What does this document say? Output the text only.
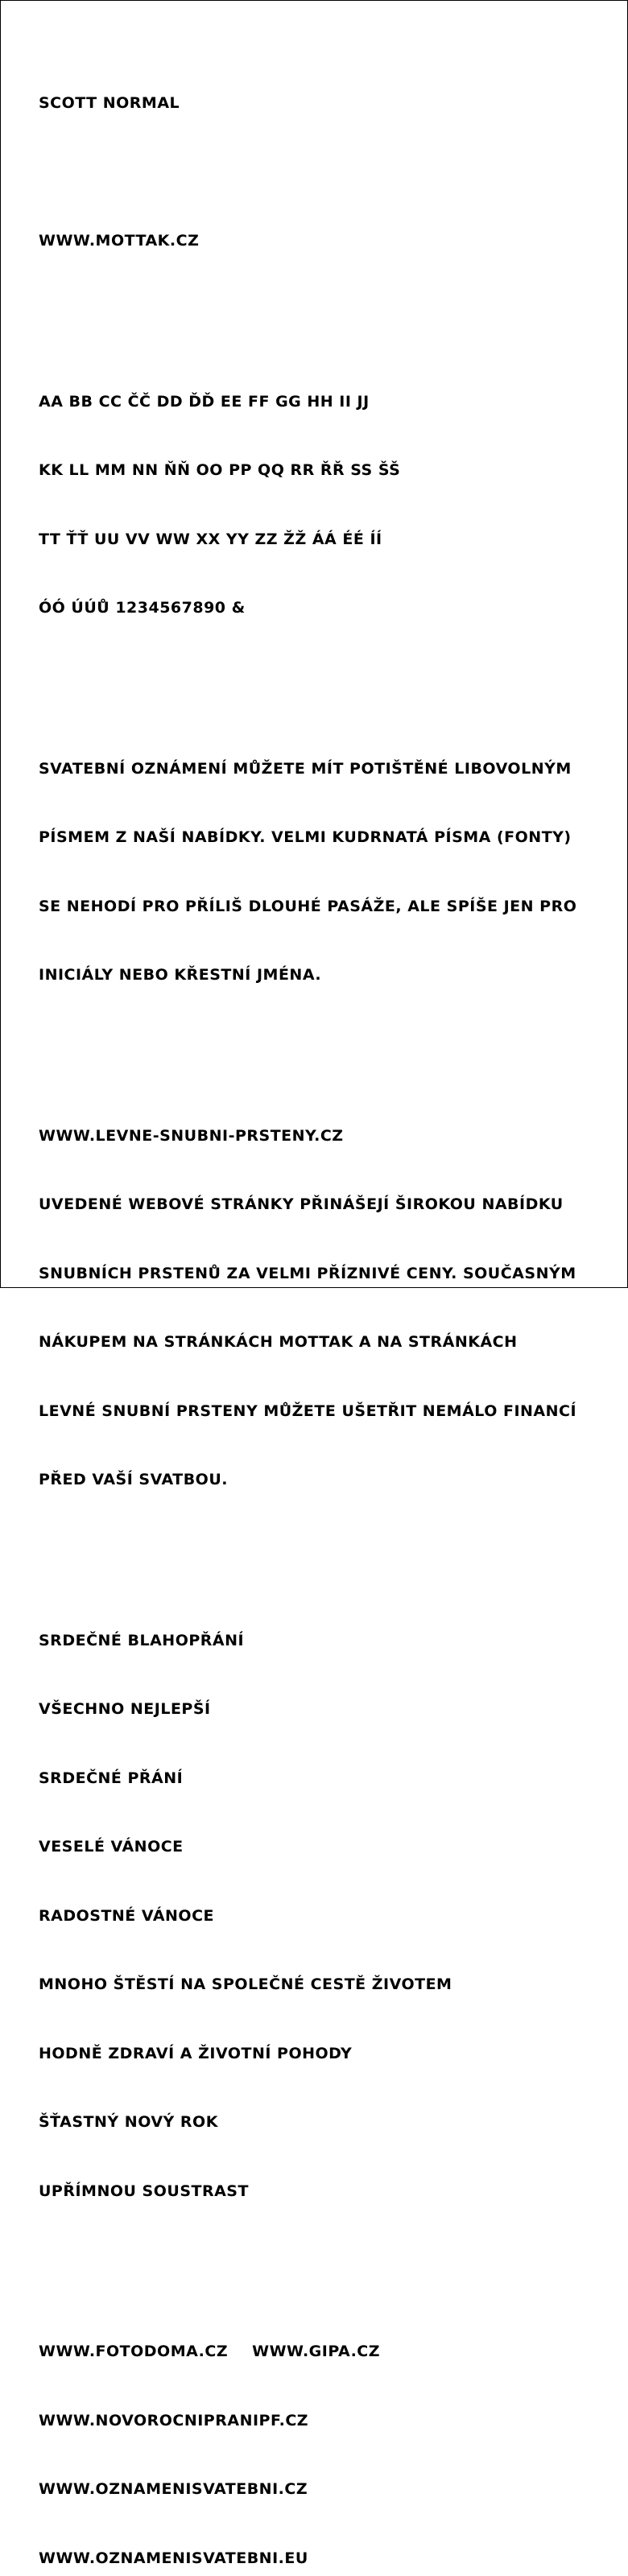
SCOTT NORMAL

WWW.MOTTAK.CZ

AA BB CC ČČ DD ĎĎ EE FF GG HH II JJ

KK LL MM NN ŇŇ OO PP QQ RR ŘŘ SS ŠŠ

TT ŤŤ UU VV WW XX YY ZZ ŽŽ ÁÁ ÉÉ ÍÍ

ÓÓ ÚÚŮ 1234567890 &

SVATEBNÍ OZNÁMENÍ MŮŽETE MÍT POTIŠTĚNÉ LIBOVOLNÝM

PÍSMEM Z NAŠÍ NABÍDKY. VELMI KUDRNATÁ PÍSMA (FONTY)

SE NEHODÍ PRO PŘÍLIŠ DLOUHÉ PASÁŽE, ALE SPÍŠE JEN PRO

INICIÁLY NEBO KŘESTNÍ JMÉNA.

WWW.LEVNE-SNUBNI-PRSTENY.CZ

UVEDENÉ WEBOVÉ STRÁNKY PŘINÁŠEJÍ ŠIROKOU NABÍDKU

SNUBNÍCH PRSTENŮ ZA VELMI PŘÍZNIVÉ CENY. SOUČASNÝM

NÁKUPEM NA STRÁNKÁCH MOTTAK A NA STRÁNKÁCH

LEVNÉ SNUBNÍ PRSTENY MŮŽETE UŠETŘIT NEMÁLO FINANCÍ

PŘED VAŠÍ SVATBOU.

SRDEČNÉ BLAHOPŘÁNÍ

VŠECHNO NEJLEPŠÍ

SRDEČNÉ PŘÁNÍ

VESELÉ VÁNOCE

RADOSTNÉ VÁNOCE

MNOHO ŠTĚSTÍ NA SPOLEČNÉ CESTĚ ŽIVOTEM

HODNĚ ZDRAVÍ A ŽIVOTNÍ POHODY

ŠŤASTNÝ NOVÝ ROK

UPŘÍMNOU SOUSTRAST

WWW.FOTODOMA.CZ WWW.GIPA.CZ

WWW.NOVOROCNIPRANIPF.CZ

WWW.OZNAMENISVATEBNI.CZ

WWW.OZNAMENISVATEBNI.EU
